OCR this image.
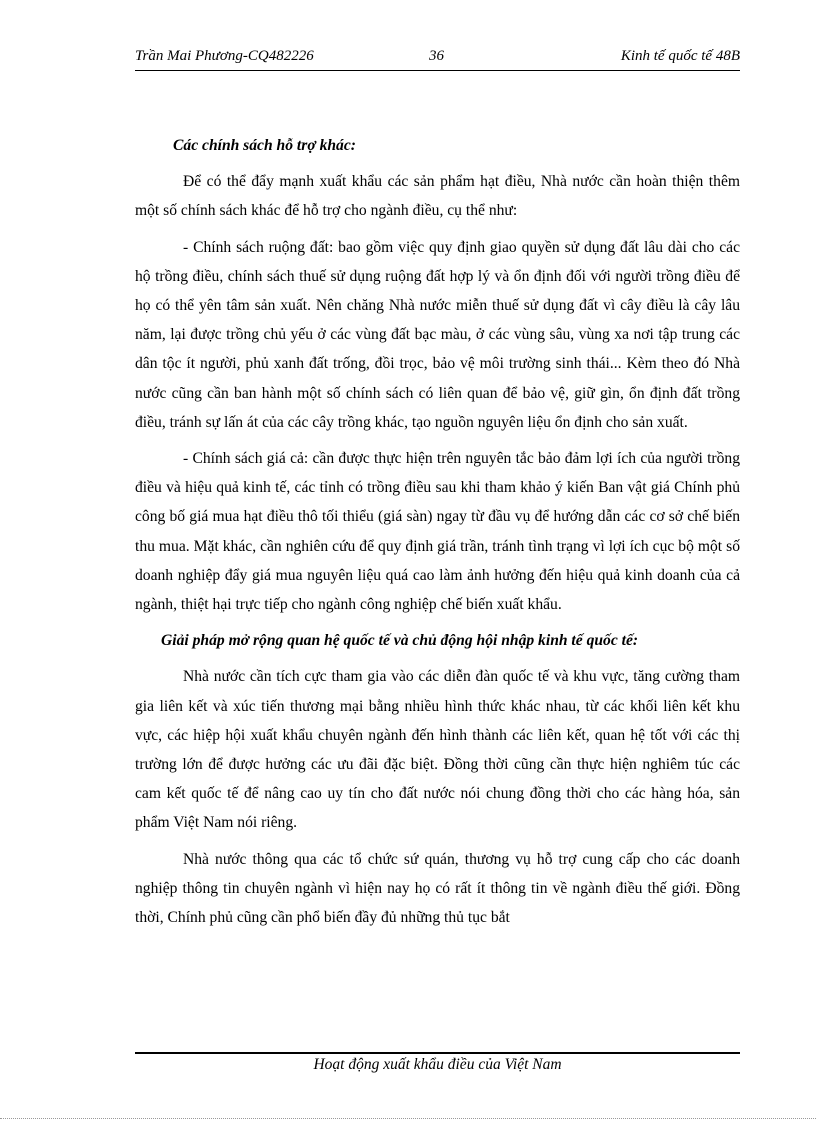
Trần Mai Phương-CQ482226	36	Kinh tế quốc tế 48B

Các chính sách hỗ trợ khác:

Để có thể đẩy mạnh xuất khẩu các sản phẩm hạt điều, Nhà nước cần hoàn thiện thêm một số chính sách khác để hỗ trợ cho ngành điều, cụ thể như:

- Chính sách ruộng đất: bao gồm việc quy định giao quyền sử dụng đất lâu dài cho các hộ trồng điều, chính sách thuế sử dụng ruộng đất hợp lý và ổn định đối với người trồng điều để họ có thể yên tâm sản xuất. Nên chăng Nhà nước miễn thuế sử dụng đất vì cây điều là cây lâu năm, lại được trồng chủ yếu ở các vùng đất bạc màu, ở các vùng sâu, vùng xa nơi tập trung các dân tộc ít người, phủ xanh đất trống, đồi trọc, bảo vệ môi trường sinh thái... Kèm theo đó Nhà nước cũng cần ban hành một số chính sách có liên quan để bảo vệ, giữ gìn, ổn định đất trồng điều, tránh sự lấn át của các cây trồng khác, tạo nguồn nguyên liệu ổn định cho sản xuất.

- Chính sách giá cả: cần được thực hiện trên nguyên tắc bảo đảm lợi ích của người trồng điều và hiệu quả kinh tế, các tỉnh có trồng điều sau khi tham khảo ý kiến Ban vật giá Chính phủ công bố giá mua hạt điều thô tối thiểu (giá sàn) ngay từ đầu vụ để hướng dẫn các cơ sở chế biến thu mua. Mặt khác, cần nghiên cứu để quy định giá trần, tránh tình trạng vì lợi ích cục bộ một số doanh nghiệp đẩy giá mua nguyên liệu quá cao làm ảnh hưởng đến hiệu quả kinh doanh của cả ngành, thiệt hại trực tiếp cho ngành công nghiệp chế biến xuất khẩu.

Giải pháp mở rộng quan hệ quốc tế và chủ động hội nhập kinh tế quốc tế:

Nhà nước cần tích cực tham gia vào các diễn đàn quốc tế và khu vực, tăng cường tham gia liên kết và xúc tiến thương mại bằng nhiều hình thức khác nhau, từ các khối liên kết khu vực, các hiệp hội xuất khẩu chuyên ngành đến hình thành các liên kết, quan hệ tốt với các thị trường lớn để được hưởng các ưu đãi đặc biệt. Đồng thời cũng cần thực hiện nghiêm túc các cam kết quốc tế để nâng cao uy tín cho đất nước nói chung đồng thời cho các hàng hóa, sản phẩm Việt Nam nói riêng.

Nhà nước thông qua các tổ chức sứ quán, thương vụ hỗ trợ cung cấp cho các doanh nghiệp thông tin chuyên ngành vì hiện nay họ có rất ít thông tin về ngành điều thế giới. Đồng thời, Chính phủ cũng cần phổ biến đầy đủ những thủ tục bắt

Hoạt động xuất khẩu điều của Việt Nam
